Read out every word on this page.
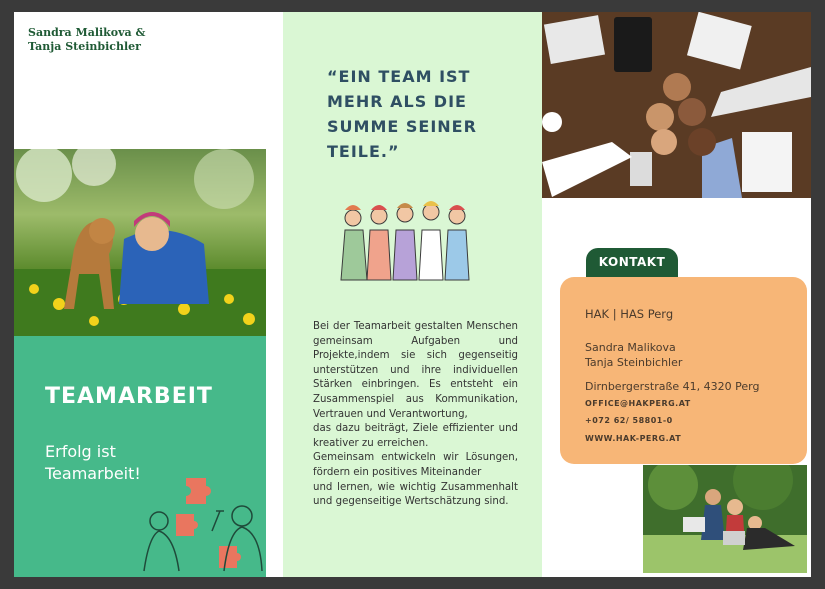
Sandra Malikova &
Tanja Steinbichler
TEAMARBEIT
Erfolg ist
Teamarbeit!
“EIN TEAM IST
MEHR ALS DIE
SUMME SEINER
TEILE.”

Bei der Teamarbeit gestalten Menschen gemeinsam Aufgaben und Projekte,indem sie sich gegenseitig unterstützen und ihre individuellen Stärken einbringen. Es entsteht ein Zusammenspiel aus Kommunikation, Vertrauen und Verantwortung,

das dazu beiträgt, Ziele effizienter und kreativer zu erreichen.

Gemeinsam entwickeln wir Lösungen, fördern ein positives Miteinander

und lernen, wie wichtig Zusammenhalt und gegenseitige Wertschätzung sind.

KONTAKT
HAK | HAS Perg
Sandra Malikova
Tanja Steinbichler
Dirnbergerstraße 41, 4320 Perg
OFFICE@HAKPERG.AT
+072 62/ 58801-0
WWW.HAK-PERG.AT
